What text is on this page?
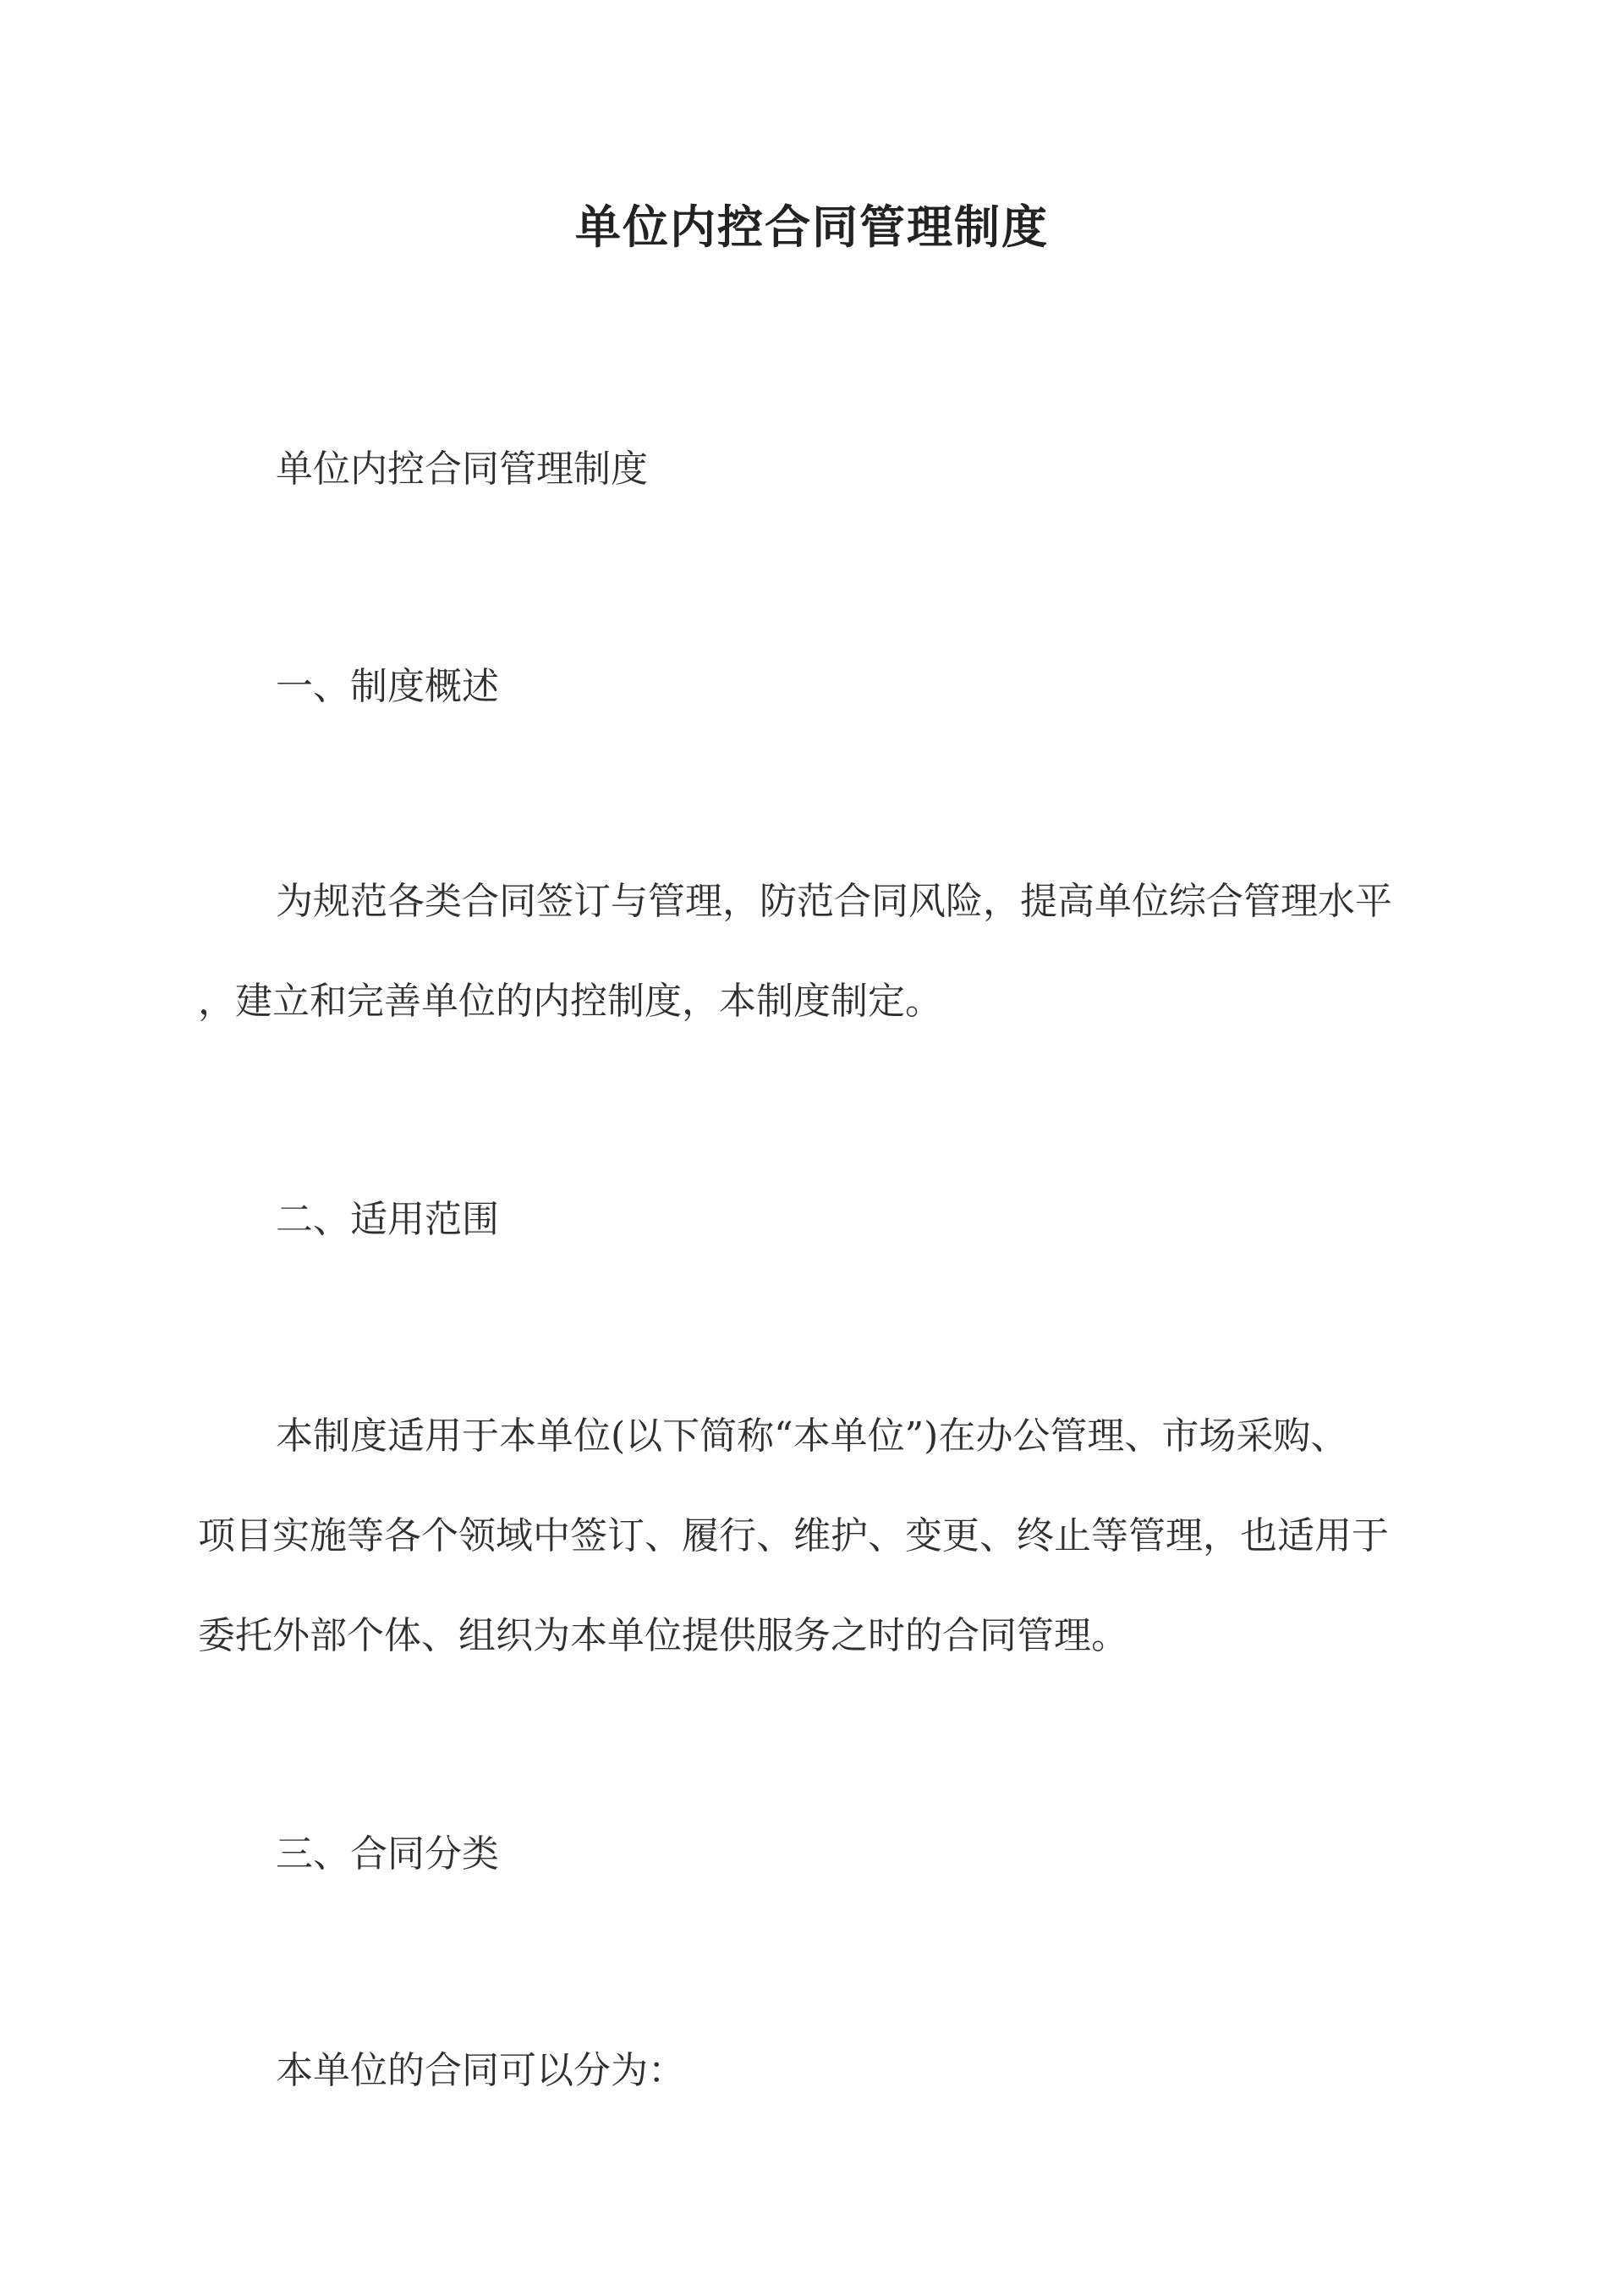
单位内控合同管理制度

单位内控合同管理制度

一、制度概述

为规范各类合同签订与管理，防范合同风险，提高单位综合管理水平

，建立和完善单位的内控制度，本制度制定。

二、适用范围

本制度适用于本单位(以下简称“本单位”)在办公管理、市场采购、

项目实施等各个领域中签订、履行、维护、变更、终止等管理，也适用于

委托外部个体、组织为本单位提供服务之时的合同管理。

三、合同分类

本单位的合同可以分为：
